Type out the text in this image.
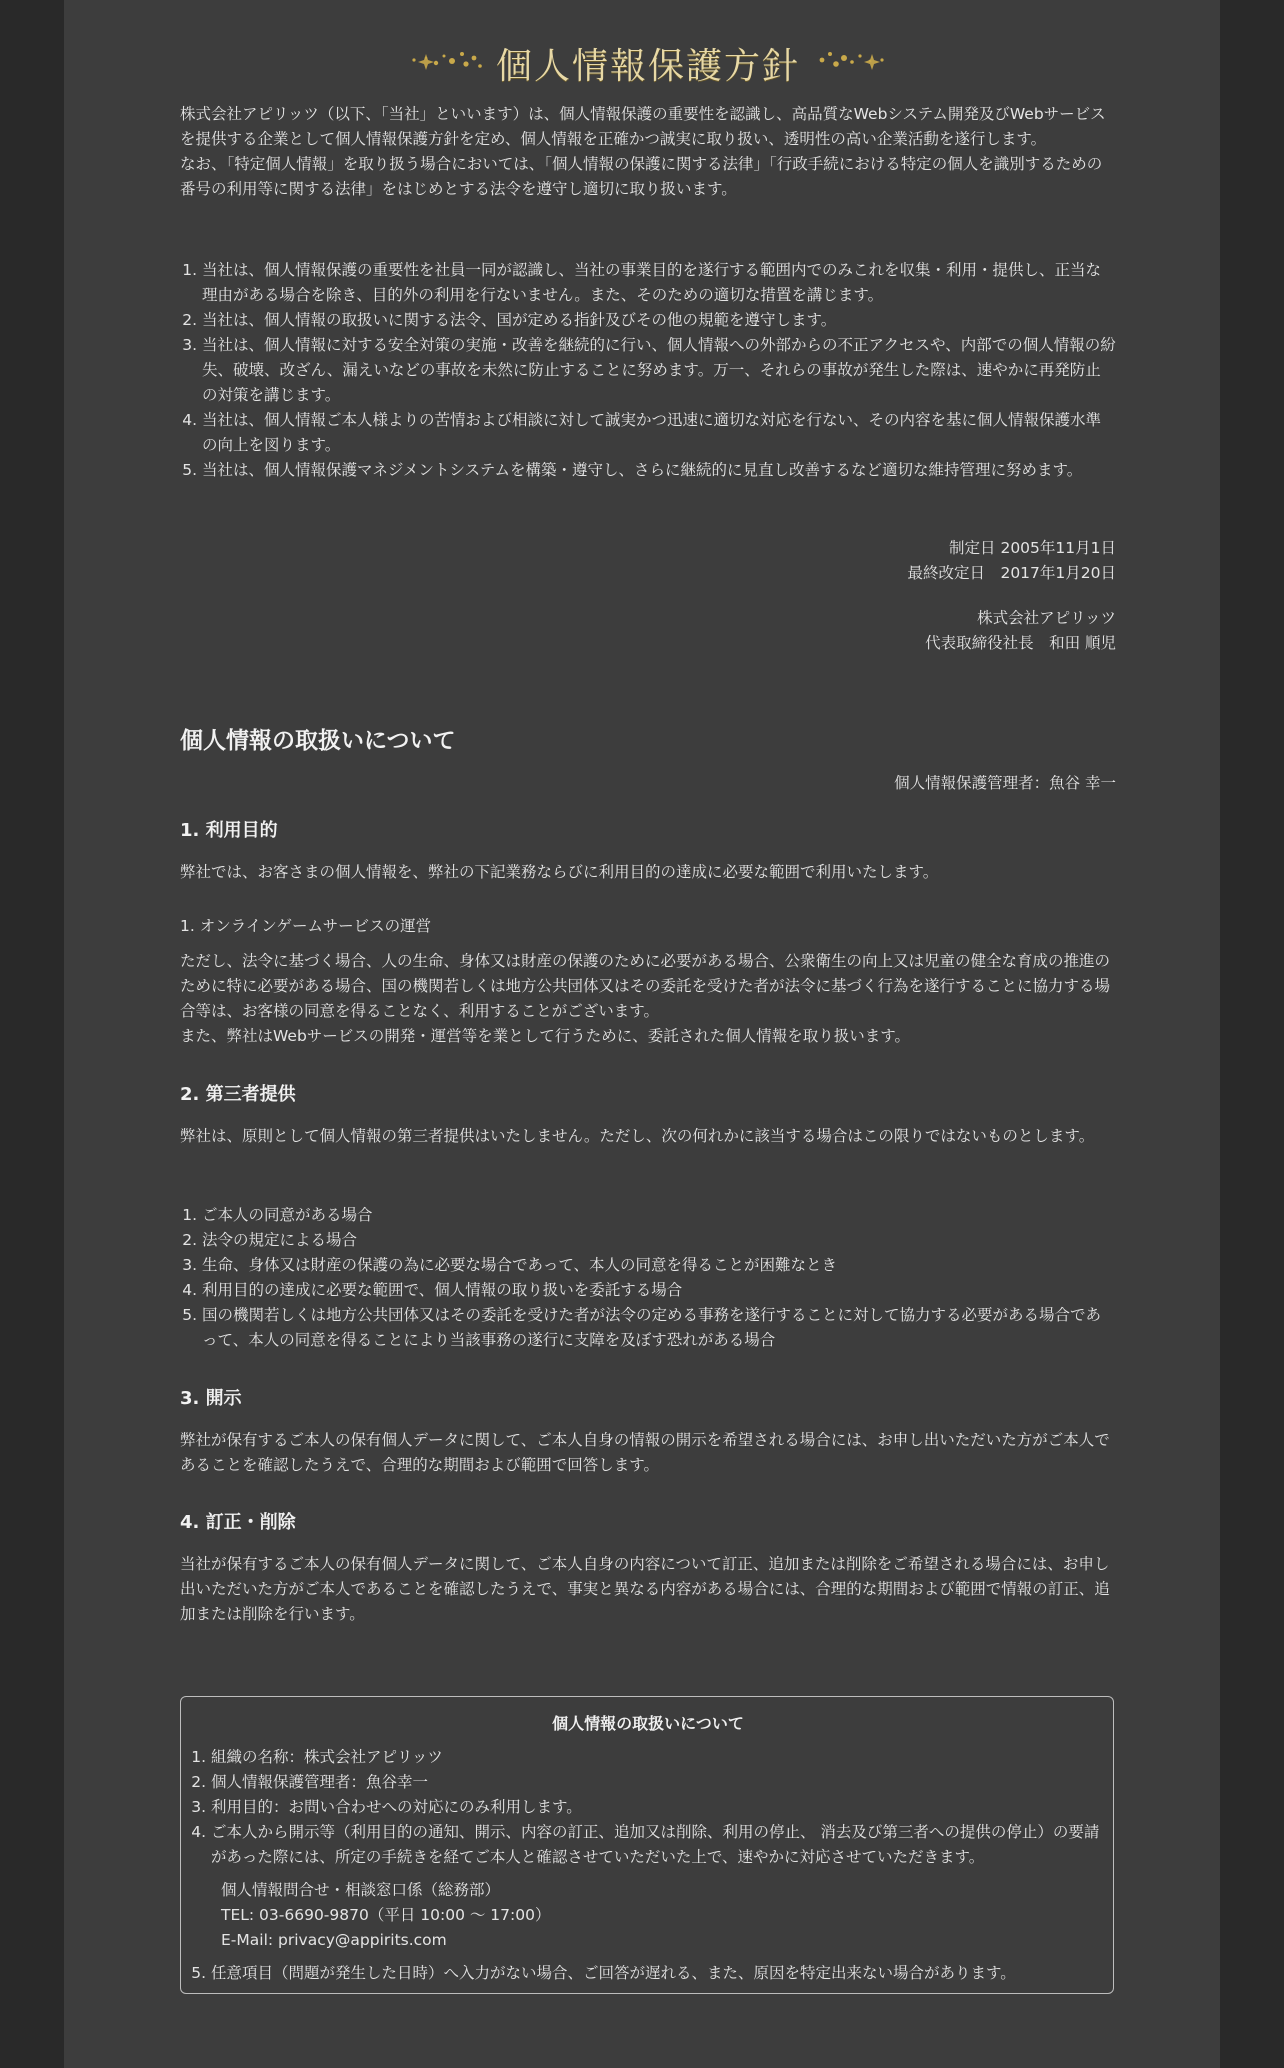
個人情報保護方針

株式会社アピリッツ（以下、「当社」といいます）は、個人情報保護の重要性を認識し、高品質なWebシステム開発及びWebサービスを提供する企業として個人情報保護方針を定め、個人情報を正確かつ誠実に取り扱い、透明性の高い企業活動を遂行します。

なお、「特定個人情報」を取り扱う場合においては、「個人情報の保護に関する法律」「行政手続における特定の個人を識別するための番号の利用等に関する法律」をはじめとする法令を遵守し適切に取り扱います。

1. 当社は、個人情報保護の重要性を社員一同が認識し、当社の事業目的を遂行する範囲内でのみこれを収集・利用・提供し、正当な理由がある場合を除き、目的外の利用を行ないません。また、そのための適切な措置を講じます。
2. 当社は、個人情報の取扱いに関する法令、国が定める指針及びその他の規範を遵守します。
3. 当社は、個人情報に対する安全対策の実施・改善を継続的に行い、個人情報への外部からの不正アクセスや、内部での個人情報の紛失、破壊、改ざん、漏えいなどの事故を未然に防止することに努めます。万一、それらの事故が発生した際は、速やかに再発防止の対策を講じます。
4. 当社は、個人情報ご本人様よりの苦情および相談に対して誠実かつ迅速に適切な対応を行ない、その内容を基に個人情報保護水準の向上を図ります。
5. 当社は、個人情報保護マネジメントシステムを構築・遵守し、さらに継続的に見直し改善するなど適切な維持管理に努めます。
制定日 2005年11月1日
最終改定日　2017年1月20日
株式会社アピリッツ
代表取締役社長　和田 順児
個人情報の取扱いについて
個人情報保護管理者：魚谷 幸一
1. 利用目的

弊社では、お客さまの個人情報を、弊社の下記業務ならびに利用目的の達成に必要な範囲で利用いたします。

1. オンラインゲームサービスの運営

ただし、法令に基づく場合、人の生命、身体又は財産の保護のために必要がある場合、公衆衛生の向上又は児童の健全な育成の推進のために特に必要がある場合、国の機関若しくは地方公共団体又はその委託を受けた者が法令に基づく行為を遂行することに協力する場合等は、お客様の同意を得ることなく、利用することがございます。

また、弊社はWebサービスの開発・運営等を業として行うために、委託された個人情報を取り扱います。

2. 第三者提供

弊社は、原則として個人情報の第三者提供はいたしません。ただし、次の何れかに該当する場合はこの限りではないものとします。

1. ご本人の同意がある場合
2. 法令の規定による場合
3. 生命、身体又は財産の保護の為に必要な場合であって、本人の同意を得ることが困難なとき
4. 利用目的の達成に必要な範囲で、個人情報の取り扱いを委託する場合
5. 国の機関若しくは地方公共団体又はその委託を受けた者が法令の定める事務を遂行することに対して協力する必要がある場合であって、本人の同意を得ることにより当該事務の遂行に支障を及ぼす恐れがある場合
3. 開示

弊社が保有するご本人の保有個人データに関して、ご本人自身の情報の開示を希望される場合には、お申し出いただいた方がご本人であることを確認したうえで、合理的な期間および範囲で回答します。

4. 訂正・削除

当社が保有するご本人の保有個人データに関して、ご本人自身の内容について訂正、追加または削除をご希望される場合には、お申し出いただいた方がご本人であることを確認したうえで、事実と異なる内容がある場合には、合理的な期間および範囲で情報の訂正、追加または削除を行います。

個人情報の取扱いについて
1. 組織の名称：株式会社アピリッツ
2. 個人情報保護管理者：魚谷幸一
3. 利用目的：お問い合わせへの対応にのみ利用します。
4. ご本人から開示等（利用目的の通知、開示、内容の訂正、追加又は削除、利用の停止、 消去及び第三者への提供の停止）の要請があった際には、所定の手続きを経てご本人と確認させていただいた上で、速やかに対応させていただきます。
個人情報問合せ・相談窓口係（総務部）
TEL: 03-6690-9870（平日 10:00 ～ 17:00）
E-Mail: privacy@appirits.com
5. 任意項目（問題が発生した日時）へ入力がない場合、ご回答が遅れる、また、原因を特定出来ない場合があります。
